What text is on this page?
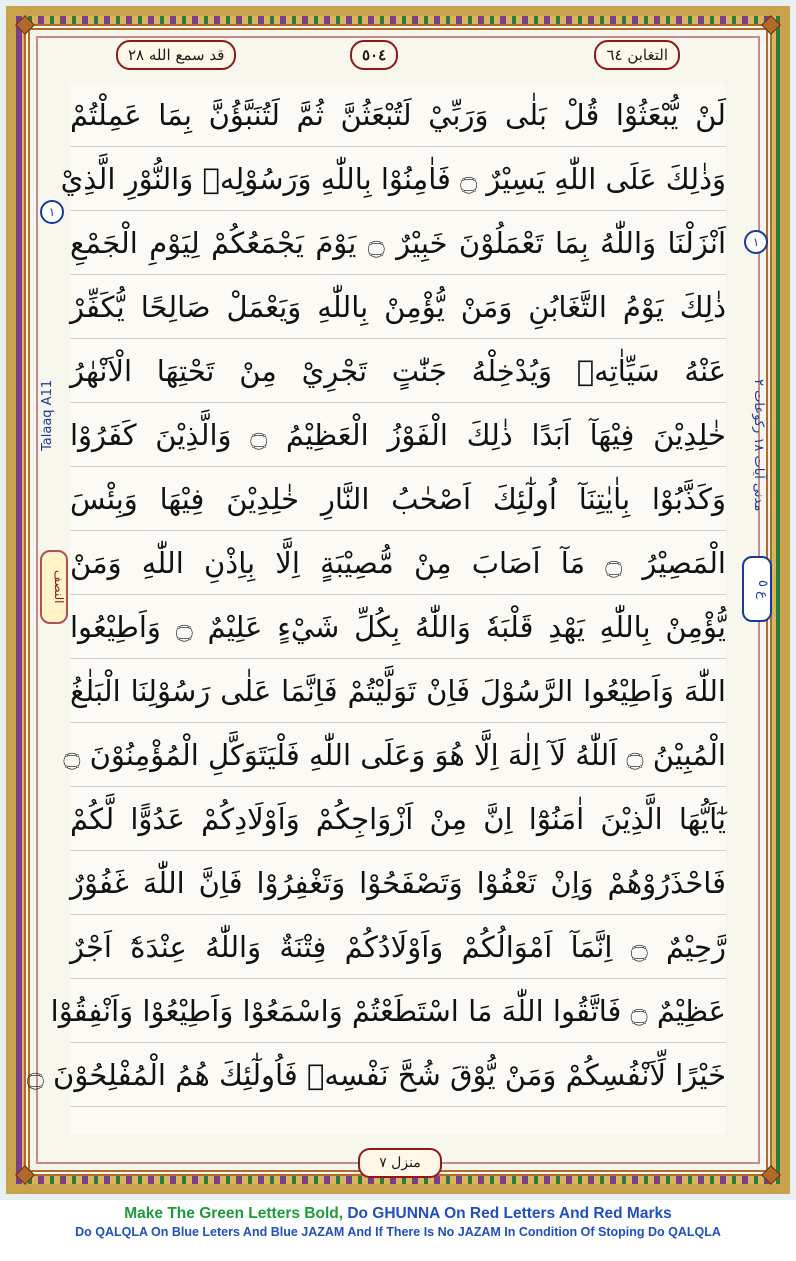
قد سمع الله ٢٨	٥٠٤	التغابن ٦٤
Talaaq A11
النصف
مدنی آیات ١٨ رکوعات ٢
ع ٥
١
١
لَنْ يُّبْعَثُوْا قُلْ بَلٰى وَرَبِّيْ لَتُبْعَثُنَّ ثُمَّ لَتُنَبَّؤُنَّ بِمَا عَمِلْتُمْ
وَذٰلِكَ عَلَى اللّٰهِ يَسِيْرٌ ۝ فَاٰمِنُوْا بِاللّٰهِ وَرَسُوْلِهٖ وَالنُّوْرِ الَّذِيْ
اَنْزَلْنَا وَاللّٰهُ بِمَا تَعْمَلُوْنَ خَبِيْرٌ ۝ يَوْمَ يَجْمَعُكُمْ لِيَوْمِ الْجَمْعِ
ذٰلِكَ يَوْمُ التَّغَابُنِ وَمَنْ يُّؤْمِنْ بِاللّٰهِ وَيَعْمَلْ صَالِحًا يُّكَفِّرْ
عَنْهُ سَيِّاٰتِهٖ وَيُدْخِلْهُ جَنّٰتٍ تَجْرِيْ مِنْ تَحْتِهَا الْاَنْهٰرُ
خٰلِدِيْنَ فِيْهَآ اَبَدًا ذٰلِكَ الْفَوْزُ الْعَظِيْمُ ۝ وَالَّذِيْنَ كَفَرُوْا
وَكَذَّبُوْا بِاٰيٰتِنَآ اُولٰٓئِكَ اَصْحٰبُ النَّارِ خٰلِدِيْنَ فِيْهَا وَبِئْسَ
الْمَصِيْرُ ۝ مَآ اَصَابَ مِنْ مُّصِيْبَةٍ اِلَّا بِاِذْنِ اللّٰهِ وَمَنْ
يُّؤْمِنْ بِاللّٰهِ يَهْدِ قَلْبَهٗ وَاللّٰهُ بِكُلِّ شَيْءٍ عَلِيْمٌ ۝ وَاَطِيْعُوا
اللّٰهَ وَاَطِيْعُوا الرَّسُوْلَ فَاِنْ تَوَلَّيْتُمْ فَاِنَّمَا عَلٰى رَسُوْلِنَا الْبَلٰغُ
الْمُبِيْنُ ۝ اَللّٰهُ لَآ اِلٰهَ اِلَّا هُوَ وَعَلَى اللّٰهِ فَلْيَتَوَكَّلِ الْمُؤْمِنُوْنَ ۝
يٰٓاَيُّهَا الَّذِيْنَ اٰمَنُوْٓا اِنَّ مِنْ اَزْوَاجِكُمْ وَاَوْلَادِكُمْ عَدُوًّا لَّكُمْ
فَاحْذَرُوْهُمْ وَاِنْ تَعْفُوْا وَتَصْفَحُوْا وَتَغْفِرُوْا فَاِنَّ اللّٰهَ غَفُوْرٌ
رَّحِيْمٌ ۝ اِنَّمَآ اَمْوَالُكُمْ وَاَوْلَادُكُمْ فِتْنَةٌ وَاللّٰهُ عِنْدَهٗٓ اَجْرٌ
عَظِيْمٌ ۝ فَاتَّقُوا اللّٰهَ مَا اسْتَطَعْتُمْ وَاسْمَعُوْا وَاَطِيْعُوْا وَاَنْفِقُوْا
خَيْرًا لِّاَنْفُسِكُمْ وَمَنْ يُّوْقَ شُحَّ نَفْسِهٖ فَاُولٰٓئِكَ هُمُ الْمُفْلِحُوْنَ ۝
منزل ٧
Make The Green Letters Bold, Do GHUNNA On Red Letters And Red Marks
Do QALQLA On Blue Leters And Blue JAZAM And If There Is No JAZAM In Condition Of Stoping Do QALQLA
